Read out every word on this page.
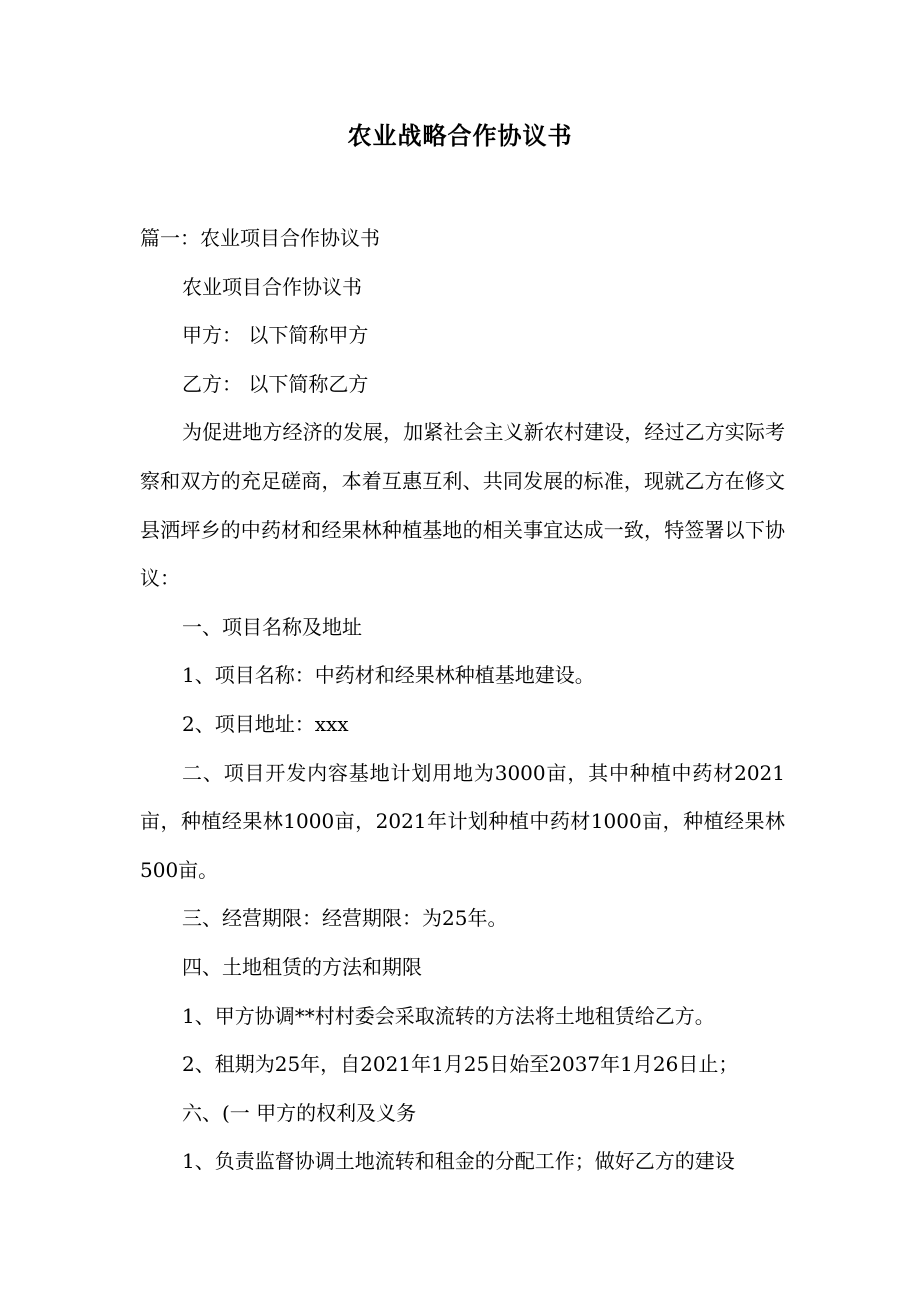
农业战略合作协议书

篇一：农业项目合作协议书

农业项目合作协议书

甲方： 以下简称甲方

乙方： 以下简称乙方

为促进地方经济的发展，加紧社会主义新农村建设，经过乙方实际考察和双方的充足磋商，本着互惠互利、共同发展的标准，现就乙方在修文县洒坪乡的中药材和经果林种植基地的相关事宜达成一致，特签署以下协议：

一、项目名称及地址

1、项目名称：中药材和经果林种植基地建设。

2、项目地址：xxx

二、项目开发内容基地计划用地为3000亩，其中种植中药材2021亩，种植经果林1000亩，2021年计划种植中药材1000亩，种植经果林500亩。

三、经营期限：经营期限：为25年。

四、土地租赁的方法和期限

1、甲方协调**村村委会采取流转的方法将土地租赁给乙方。

2、租期为25年，自2021年1月25日始至2037年1月26日止；

六、(一 甲方的权利及义务

1、负责监督协调土地流转和租金的分配工作；做好乙方的建设
